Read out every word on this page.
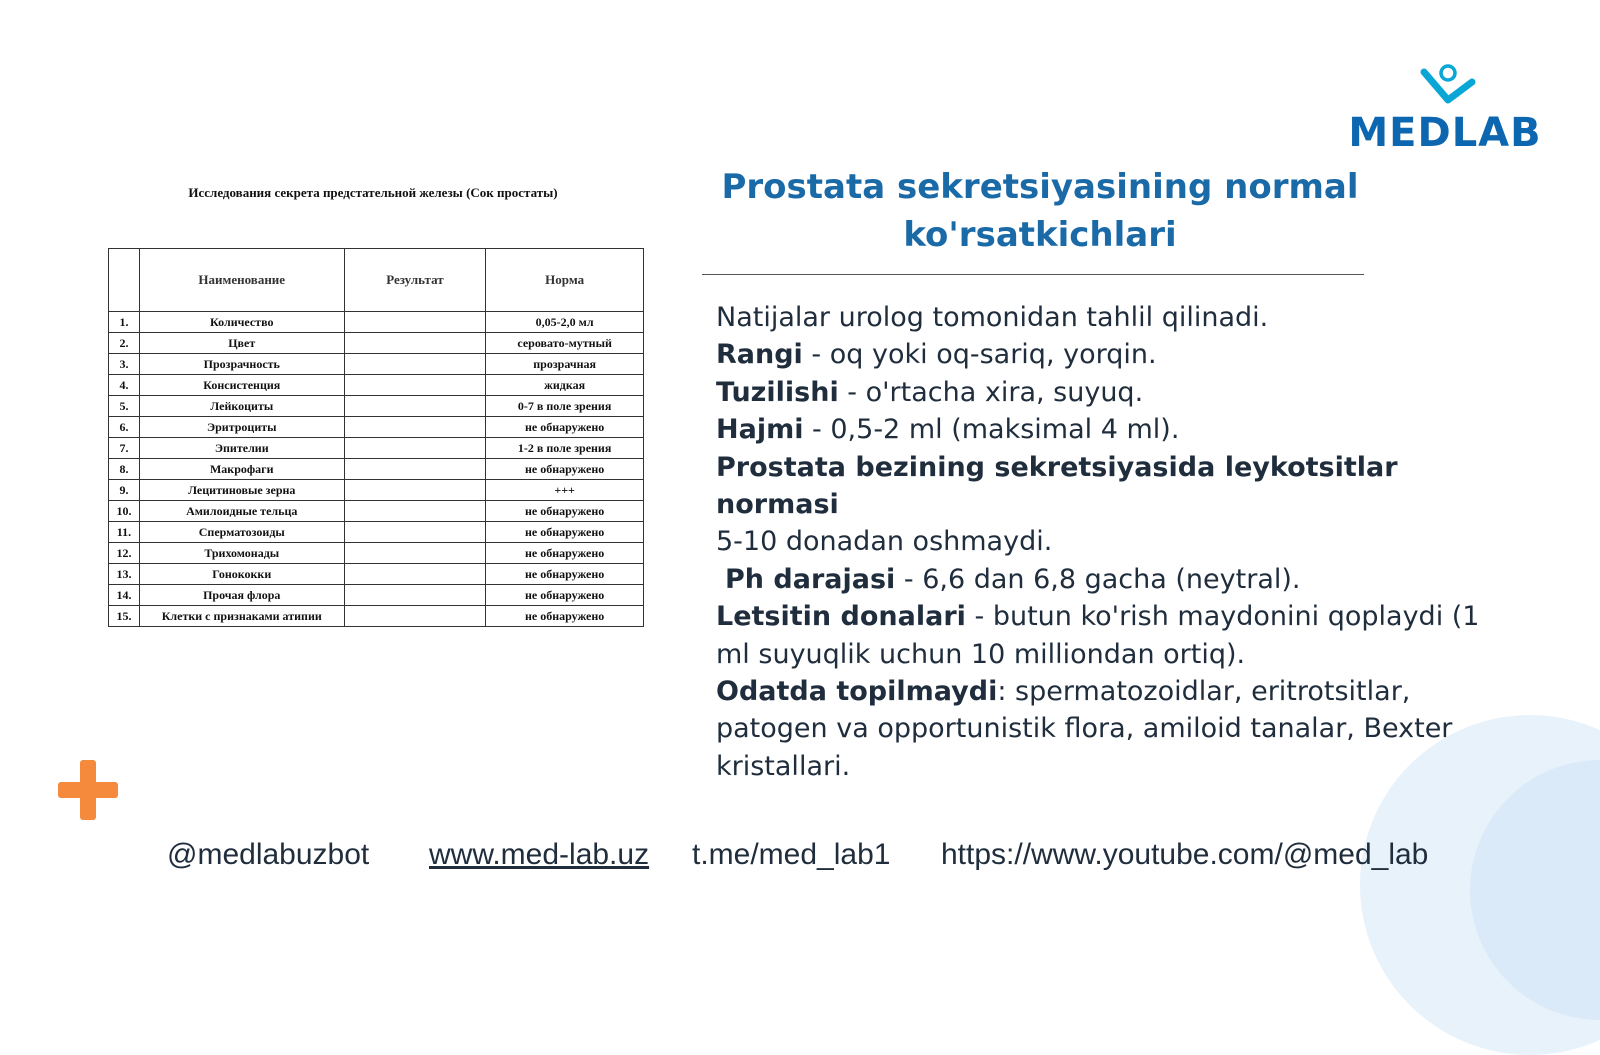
MEDLAB
Исследования секрета предстательной железы (Сок простаты)
	Наименование	Результат	Норма
1.	Количество		0,05-2,0 мл
2.	Цвет		сероватo-мутный
3.	Прозрачность		прозрачная
4.	Консистенция		жидкая
5.	Лейкоциты		0-7 в поле зрения
6.	Эритроциты		не обнаружено
7.	Эпителии		1-2 в поле зрения
8.	Макрофаги		не обнаружено
9.	Лецитиновые зерна		+++
10.	Амилоидные тельца		не обнаружено
11.	Сперматозоиды		не обнаружено
12.	Трихомонады		не обнаружено
13.	Гонококки		не обнаружено
14.	Прочая флора		не обнаружено
15.	Клетки с признаками атипии		не обнаружено
Prostata sekretsiyasining normal
ko'rsatkichlari

Natijalar urolog tomonidan tahlil qilinadi.

Rangi - oq yoki oq-sariq, yorqin.

Tuzilishi - o'rtacha xira, suyuq.

Hajmi - 0,5-2 ml (maksimal 4 ml).

Prostata bezining sekretsiyasida leykotsitlar normasi

5-10 donadan oshmaydi.

Ph darajasi - 6,6 dan 6,8 gacha (neytral).

Letsitin donalari - butun ko'rish maydonini qoplaydi (1 ml suyuqlik uchun 10 milliondan ortiq).

Odatda topilmaydi: spermatozoidlar, eritrotsitlar, patogen va opportunistik flora, amiloid tanalar, Bexter kristallari.

@medlabuzbot www.med-lab.uz t.me/med_lab1 https://www.youtube.com/@med_lab
